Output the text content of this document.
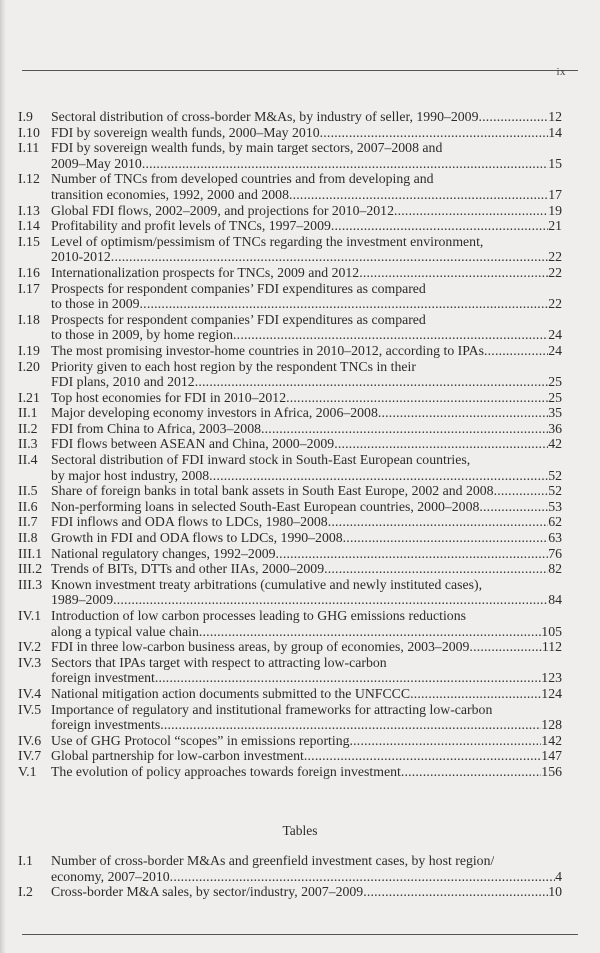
ix
I.9	Sectoral distribution of cross-border M&As, by industry of seller, 1990–2009 .....	12
I.10 FDI by sovereign wealth funds, 2000–May 2010 .....	14
I.11 FDI by sovereign wealth funds, by main target sectors, 2007–2008 and
2009–May 2010 .....	15
I.12 Number of TNCs from developed countries and from developing and
transition economies, 1992, 2000 and 2008 .....	17
I.13 Global FDI flows, 2002–2009, and projections for 2010–2012 .....	19
I.14 Profitability and profit levels of TNCs, 1997–2009 .....	21
I.15 Level of optimism/pessimism of TNCs regarding the investment environment,
2010-2012 .....	22
I.16 Internationalization prospects for TNCs, 2009 and 2012 .....	22
I.17 Prospects for respondent companies’ FDI expenditures as compared
to those in 2009 .....	22
I.18 Prospects for respondent companies’ FDI expenditures as compared
to those in 2009, by home region .....	24
I.19 The most promising investor-home countries in 2010–2012, according to IPAs .....	24
I.20 Priority given to each host region by the respondent TNCs in their
FDI plans, 2010 and 2012 .....	25
I.21 Top host economies for FDI in 2010–2012 .....	25
II.1 Major developing economy investors in Africa, 2006–2008 .....	35
II.2 FDI from China to Africa, 2003–2008 .....	36
II.3 FDI flows between ASEAN and China, 2000–2009 .....	42
II.4 Sectoral distribution of FDI inward stock in South-East European countries,
by major host industry, 2008 .....	52
II.5 Share of foreign banks in total bank assets in South East Europe, 2002 and 2008 .....	52
II.6 Non-performing loans in selected South-East European countries, 2000–2008 .....	53
II.7 FDI inflows and ODA flows to LDCs, 1980–2008 .....	62
II.8 Growth in FDI and ODA flows to LDCs, 1990–2008 .....	63
III.1 National regulatory changes, 1992–2009 .....	76
III.2 Trends of BITs, DTTs and other IIAs, 2000–2009 .....	82
III.3 Known investment treaty arbitrations (cumulative and newly instituted cases),
1989–2009 .....	84
IV.1 Introduction of low carbon processes leading to GHG emissions reductions
along a typical value chain .....	105
IV.2 FDI in three low-carbon business areas, by group of economies, 2003–2009 .....	112
IV.3 Sectors that IPAs target with respect to attracting low-carbon
foreign investment .....	123
IV.4 National mitigation action documents submitted to the UNFCCC .....	124
IV.5 Importance of regulatory and institutional frameworks for attracting low-carbon
foreign investments .....	128
IV.6 Use of GHG Protocol “scopes” in emissions reporting .....	142
IV.7 Global partnership for low-carbon investment .....	147
V.1	The evolution of policy approaches towards foreign investment .....	156
Tables
I.1	Number of cross-border M&As and greenfield investment cases, by host region/
economy, 2007–2010 .....	4
I.2	Cross-border M&A sales, by sector/industry, 2007–2009 .....	10
